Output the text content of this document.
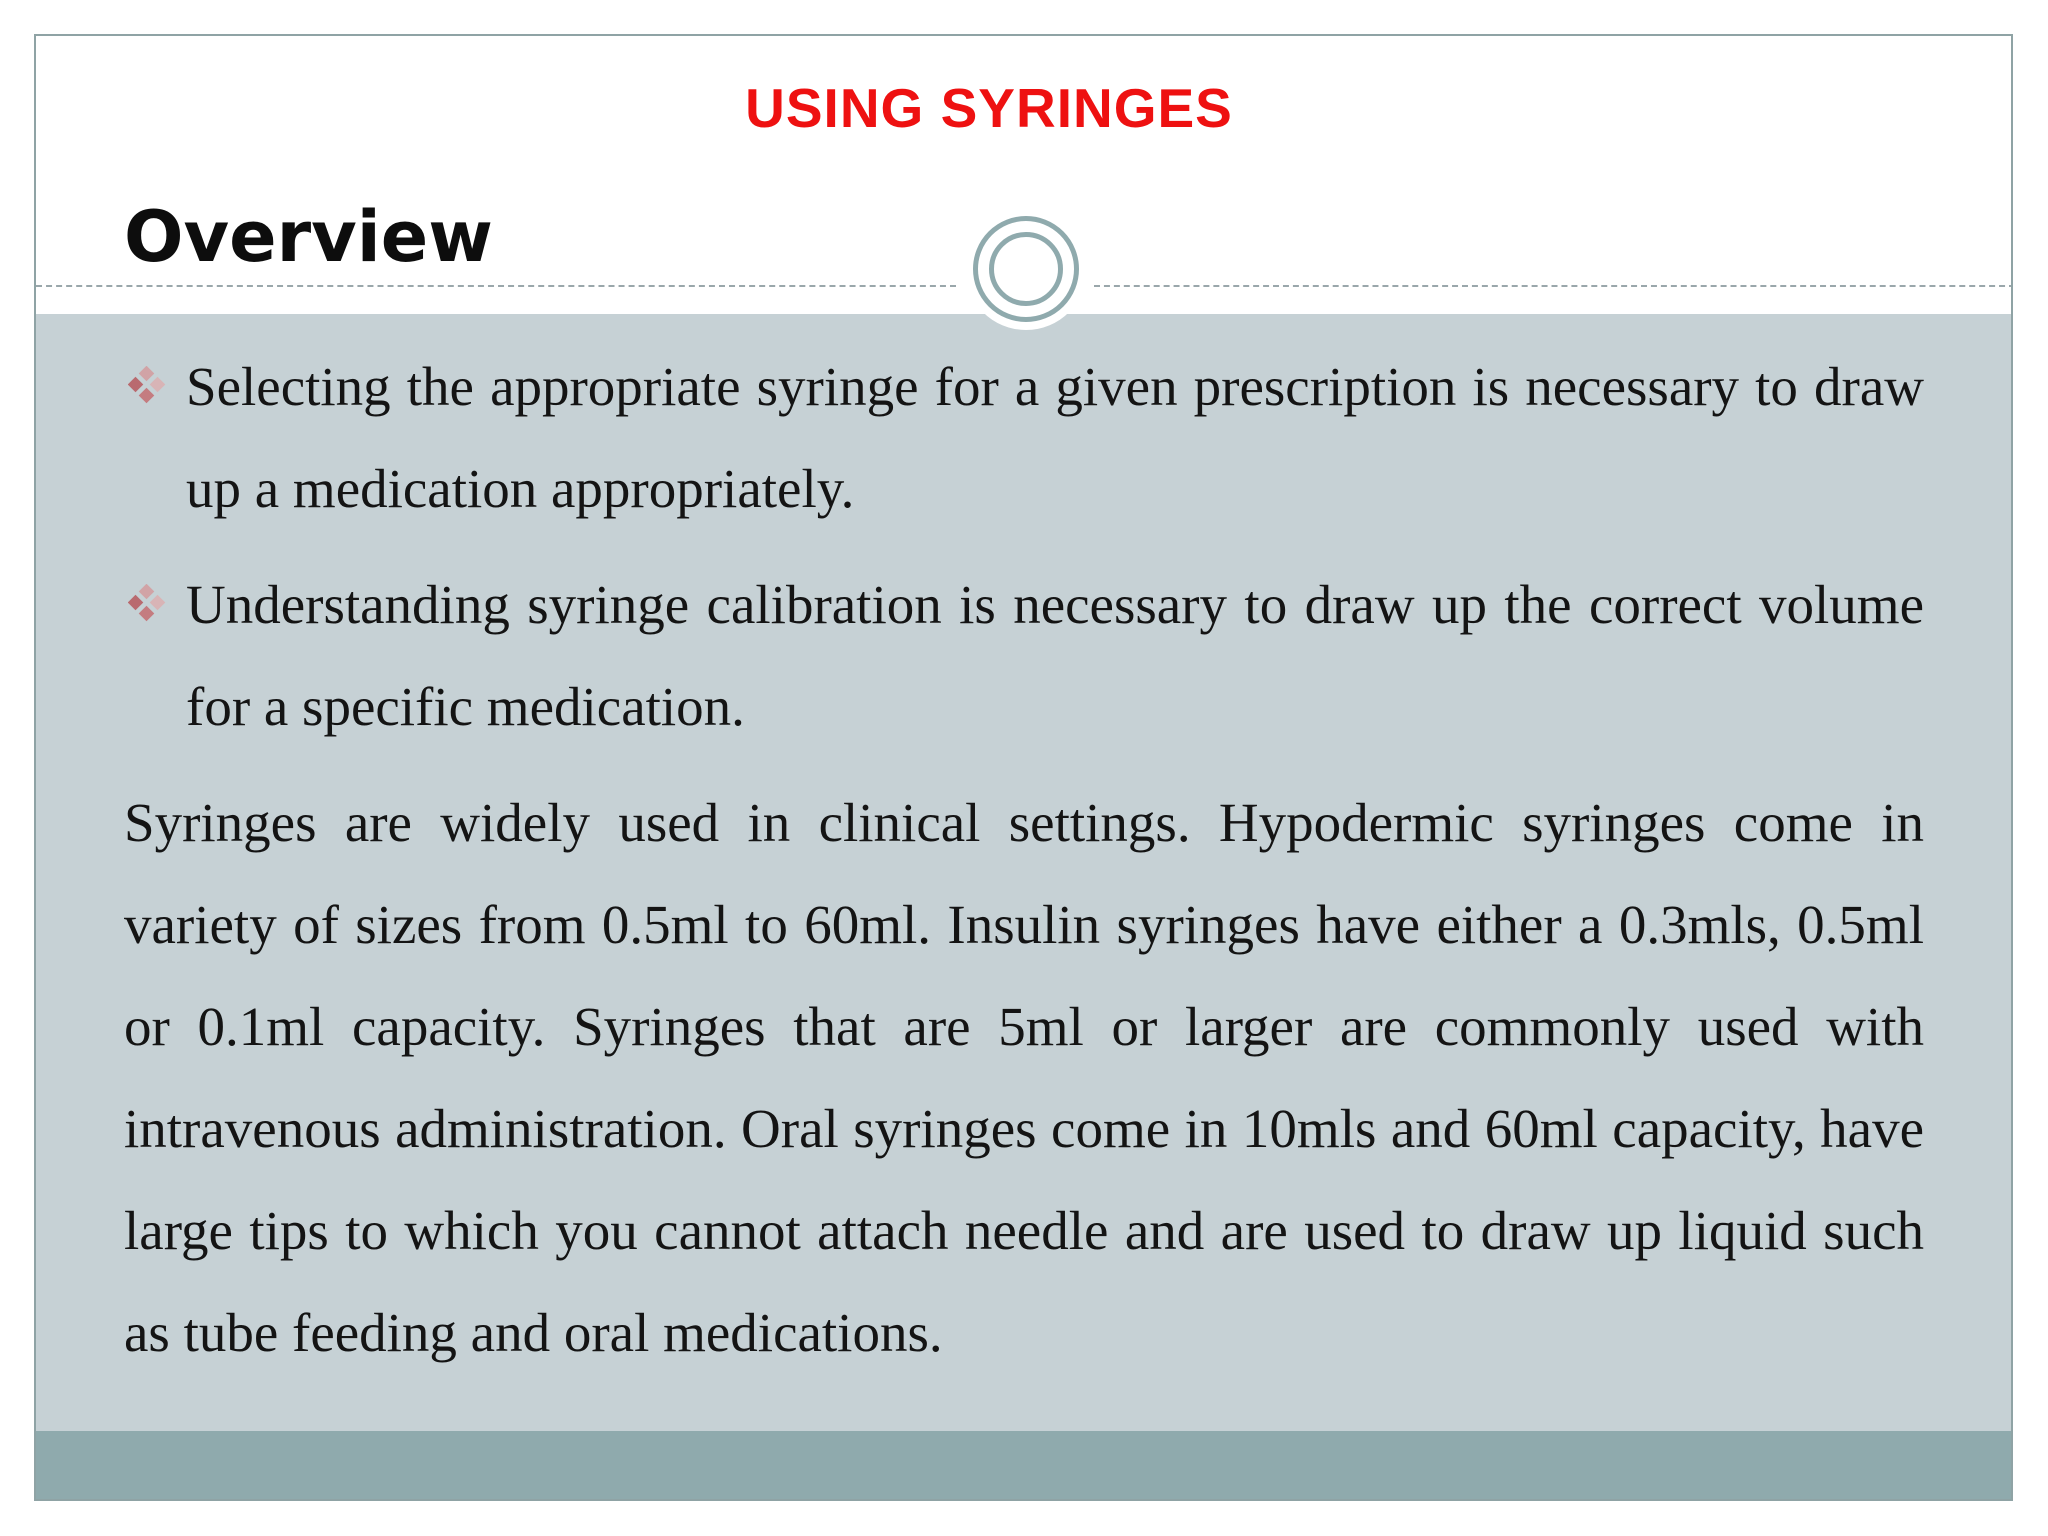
Overview
Selecting the appropriate syringe for a given prescription is necessary to draw up a medication appropriately.
Understanding syringe calibration is necessary to draw up the correct volume for a specific medication.
Syringes are widely used in clinical settings. Hypodermic syringes come in variety of sizes from 0.5ml to 60ml. Insulin syringes have either a 0.3mls, 0.5ml or 0.1ml capacity. Syringes that are 5ml or larger are commonly used with intravenous administration. Oral syringes come in 10mls and 60ml capacity, have large tips to which you cannot attach needle and are used to draw up liquid such as tube feeding and oral medications.
USING SYRINGES
